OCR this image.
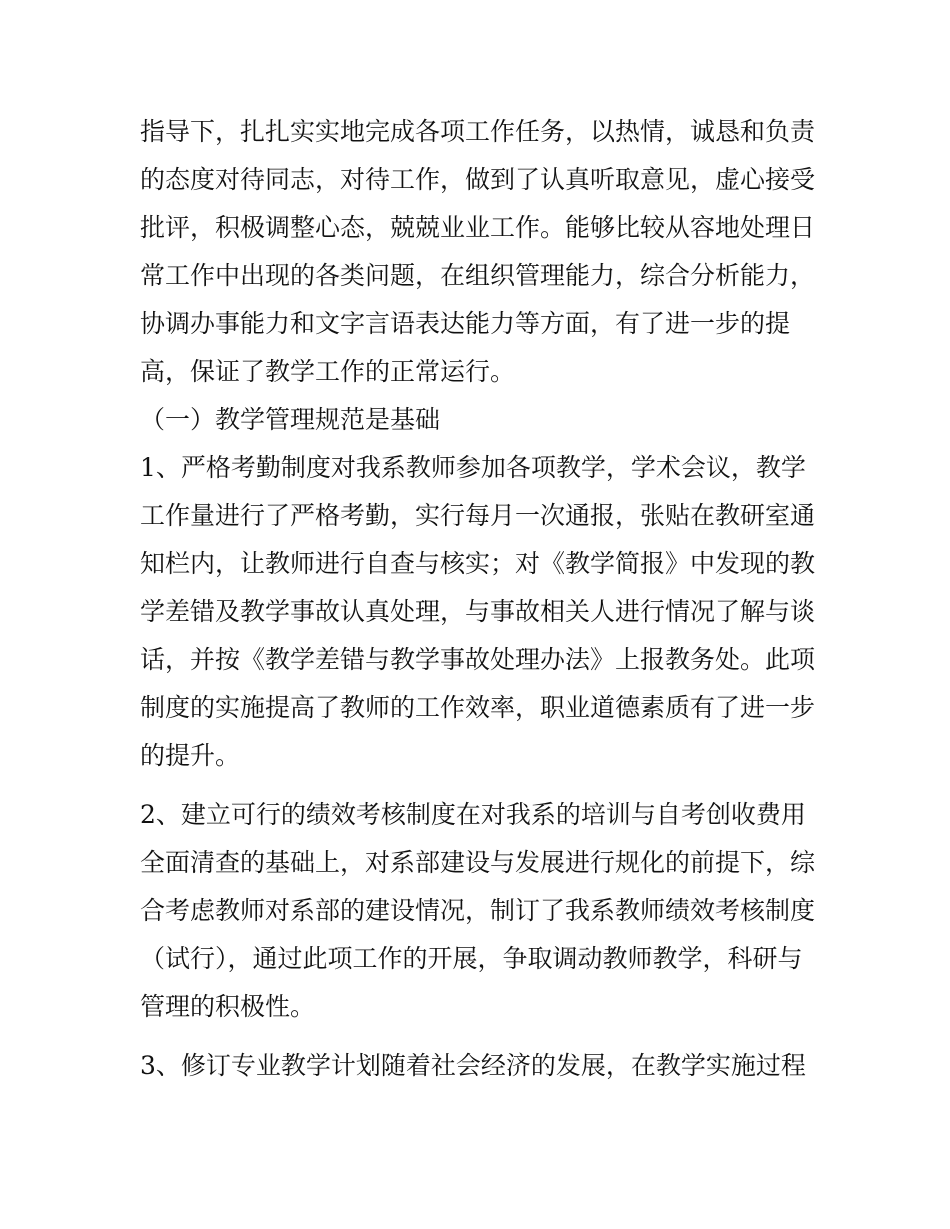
指导下，扎扎实实地完成各项工作任务，以热情，诚恳和负责
的态度对待同志，对待工作，做到了认真听取意见，虚心接受
批评，积极调整心态，兢兢业业工作。能够比较从容地处理日
常工作中出现的各类问题，在组织管理能力，综合分析能力，
协调办事能力和文字言语表达能力等方面，有了进一步的提
高，保证了教学工作的正常运行。
（一）教学管理规范是基础
1、严格考勤制度对我系教师参加各项教学，学术会议，教学
工作量进行了严格考勤，实行每月一次通报，张贴在教研室通
知栏内，让教师进行自查与核实；对《教学简报》中发现的教
学差错及教学事故认真处理，与事故相关人进行情况了解与谈
话，并按《教学差错与教学事故处理办法》上报教务处。此项
制度的实施提高了教师的工作效率，职业道德素质有了进一步
的提升。
2、建立可行的绩效考核制度在对我系的培训与自考创收费用
全面清查的基础上，对系部建设与发展进行规化的前提下，综
合考虑教师对系部的建设情况，制订了我系教师绩效考核制度
（试行），通过此项工作的开展，争取调动教师教学，科研与
管理的积极性。
3、修订专业教学计划随着社会经济的发展，在教学实施过程
